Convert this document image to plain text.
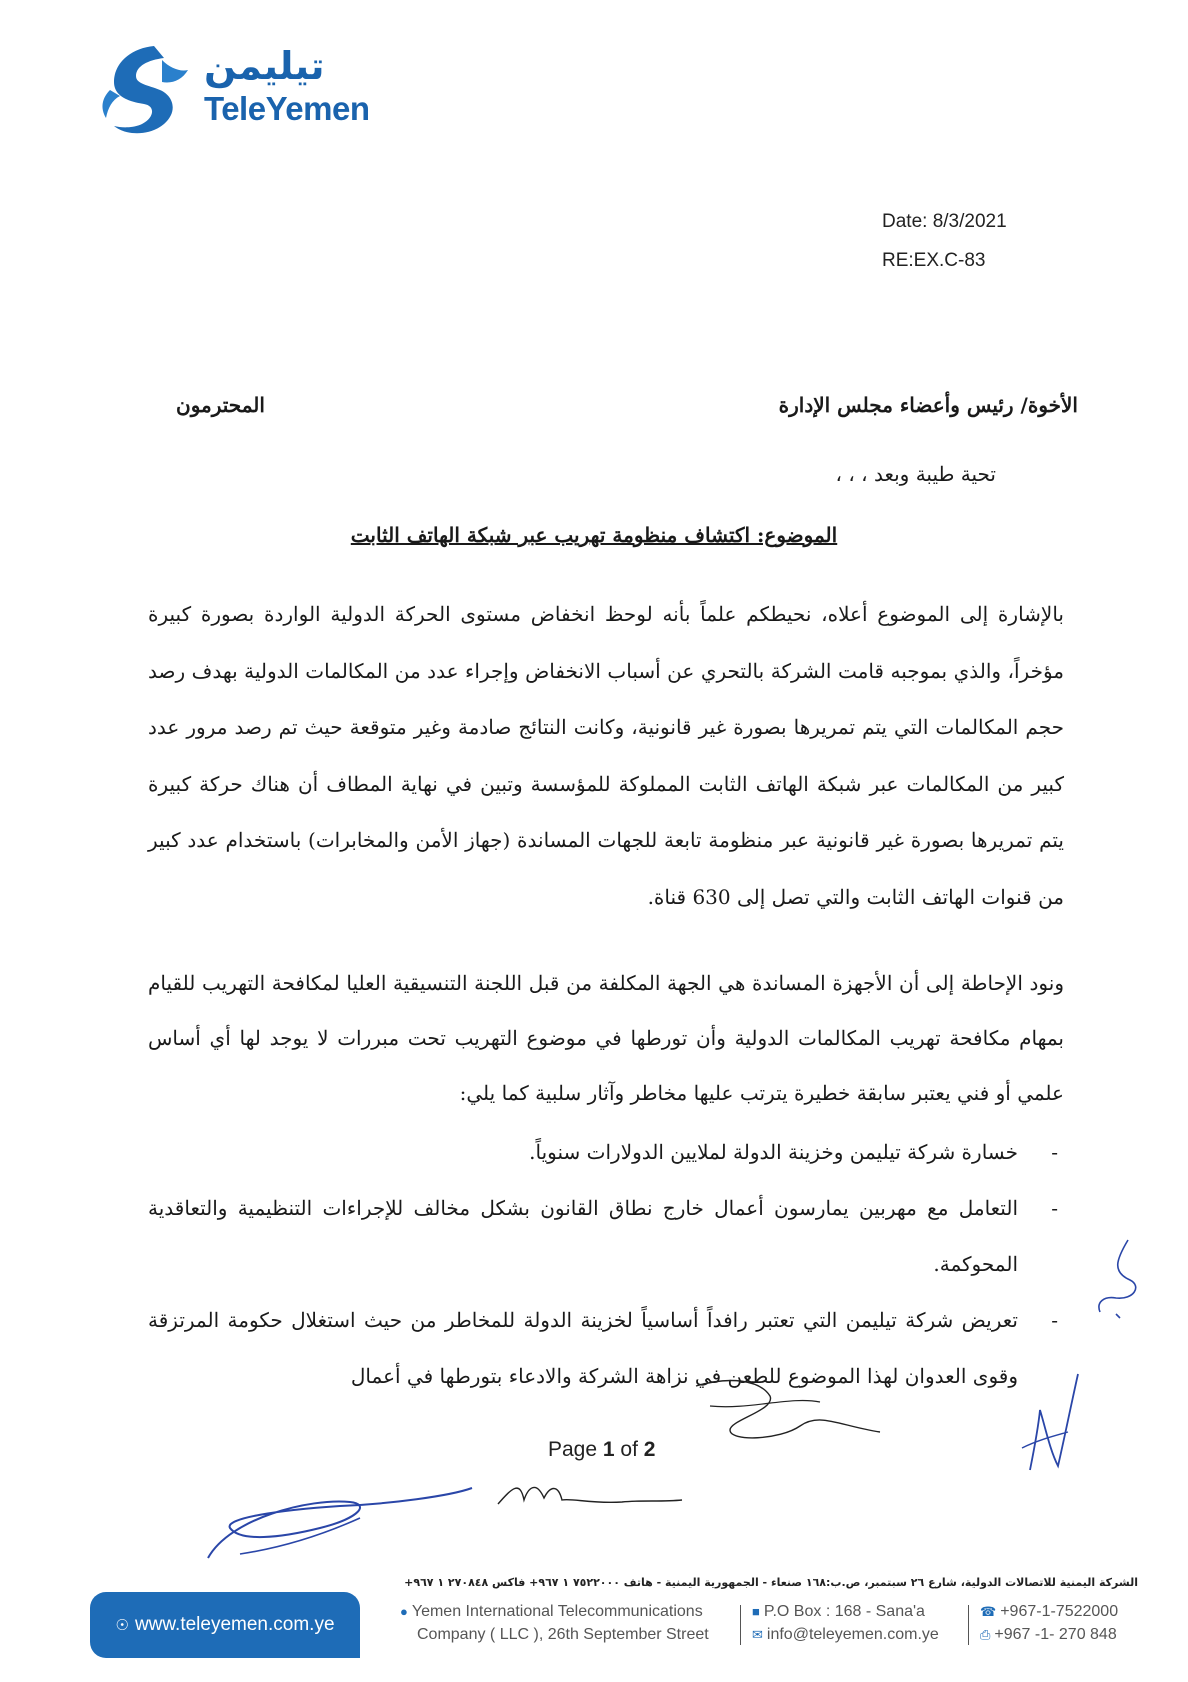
تيليمن
TeleYemen
Date: 8/3/2021
RE:EX.C-83
الأخوة/ رئيس وأعضاء مجلس الإدارة
المحترمون
تحية طيبة وبعد ، ، ،
الموضوع: اكتشاف منظومة تهريب عبر شبكة الهاتف الثابت
بالإشارة إلى الموضوع أعلاه، نحيطكم علماً بأنه لوحظ انخفاض مستوى الحركة الدولية الواردة بصورة كبيرة مؤخراً، والذي بموجبه قامت الشركة بالتحري عن أسباب الانخفاض وإجراء عدد من المكالمات الدولية بهدف رصد حجم المكالمات التي يتم تمريرها بصورة غير قانونية، وكانت النتائج صادمة وغير متوقعة حيث تم رصد مرور عدد كبير من المكالمات عبر شبكة الهاتف الثابت المملوكة للمؤسسة وتبين في نهاية المطاف أن هناك حركة كبيرة يتم تمريرها بصورة غير قانونية عبر منظومة تابعة للجهات المساندة (جهاز الأمن والمخابرات) باستخدام عدد كبير من قنوات الهاتف الثابت والتي تصل إلى 630 قناة.
ونود الإحاطة إلى أن الأجهزة المساندة هي الجهة المكلفة من قبل اللجنة التنسيقية العليا لمكافحة التهريب للقيام بمهام مكافحة تهريب المكالمات الدولية وأن تورطها في موضوع التهريب تحت مبررات لا يوجد لها أي أساس علمي أو فني يعتبر سابقة خطيرة يترتب عليها مخاطر وآثار سلبية كما يلي:
-
خسارة شركة تيليمن وخزينة الدولة لملايين الدولارات سنوياً.
-
التعامل مع مهربين يمارسون أعمال خارج نطاق القانون بشكل مخالف للإجراءات التنظيمية والتعاقدية المحوكمة.
-
تعريض شركة تيليمن التي تعتبر رافداً أساسياً لخزينة الدولة للمخاطر من حيث استغلال حكومة المرتزقة وقوى العدوان لهذا الموضوع للطعن في نزاهة الشركة والادعاء بتورطها في أعمال
Page 1 of 2
الشركة اليمنية للاتصالات الدولية، شارع ٢٦ سبتمبر، ص.ب:١٦٨ صنعاء - الجمهورية اليمنية - هاتف ٧٥٢٢٠٠٠ ١ ٩٦٧+ فاكس ٢٧٠٨٤٨ ١ ٩٦٧+
☉ www.teleyemen.com.ye
● Yemen International Telecommunications
Company ( LLC ), 26th September Street
■ P.O Box : 168 - Sana'a
✉ info@teleyemen.com.ye
☎ +967-1-7522000
⎙ +967 -1- 270 848
